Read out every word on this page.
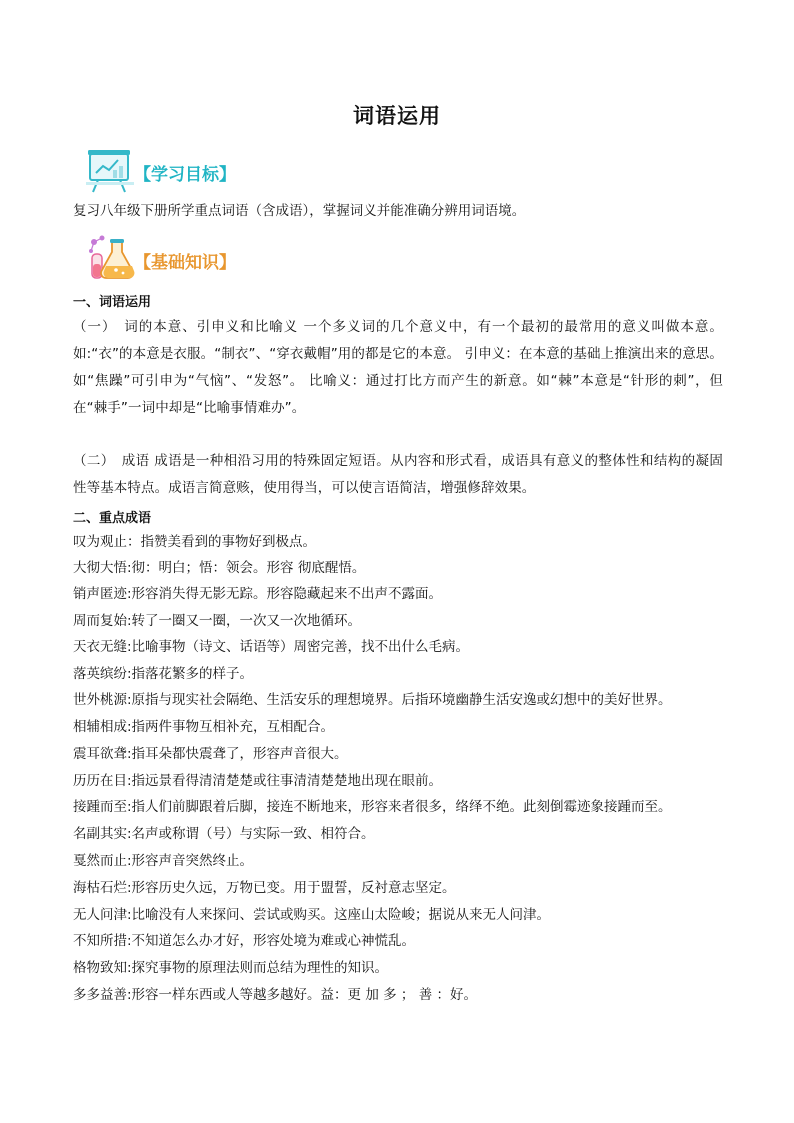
词语运用
【学习目标】
复习八年级下册所学重点词语（含成语），掌握词义并能准确分辨用词语境。
【基础知识】
一、词语运用
（一）　词的本意、引申义和比喻义 一个多义词的几个意义中，有一个最初的最常用的意义叫做本意。如:“衣”的本意是衣服。“制衣”、“穿衣戴帽”用的都是它的本意。 引申义：在本意的基础上推演出来的意思。如“焦躁”可引申为“气恼”、“发怒”。 比喻义：通过打比方而产生的新意。如“棘”本意是“针形的刺”，但在“棘手”一词中却是“比喻事情难办”。
（二）　成语 成语是一种相沿习用的特殊固定短语。从内容和形式看，成语具有意义的整体性和结构的凝固性等基本特点。成语言简意赅，使用得当，可以使言语简洁，增强修辞效果。
二、重点成语
叹为观止：指赞美看到的事物好到极点。
大彻大悟:彻：明白；悟：领会。形容 彻底醒悟。
销声匿迹:形容消失得无影无踪。形容隐藏起来不出声不露面。
周而复始:转了一圈又一圈，一次又一次地循环。
天衣无缝:比喻事物（诗文、话语等）周密完善，找不出什么毛病。
落英缤纷:指落花繁多的样子。
世外桃源:原指与现实社会隔绝、生活安乐的理想境界。后指环境幽静生活安逸或幻想中的美好世界。
相辅相成:指两件事物互相补充，互相配合。
震耳欲聋:指耳朵都快震聋了，形容声音很大。
历历在目:指远景看得清清楚楚或往事清清楚楚地出现在眼前。
接踵而至:指人们前脚跟着后脚，接连不断地来，形容来者很多，络绎不绝。此刻倒霉迹象接踵而至。
名副其实:名声或称谓（号）与实际一致、相符合。
戛然而止:形容声音突然终止。
海枯石烂:形容历史久远，万物已变。用于盟誓，反衬意志坚定。
无人问津:比喻没有人来探问、尝试或购买。这座山太险峻；据说从来无人问津。
不知所措:不知道怎么办才好，形容处境为难或心神慌乱。
格物致知:探究事物的原理法则而总结为理性的知识。
多多益善:形容一样东西或人等越多越好。益：更 加 多 ； 善 ：好。
